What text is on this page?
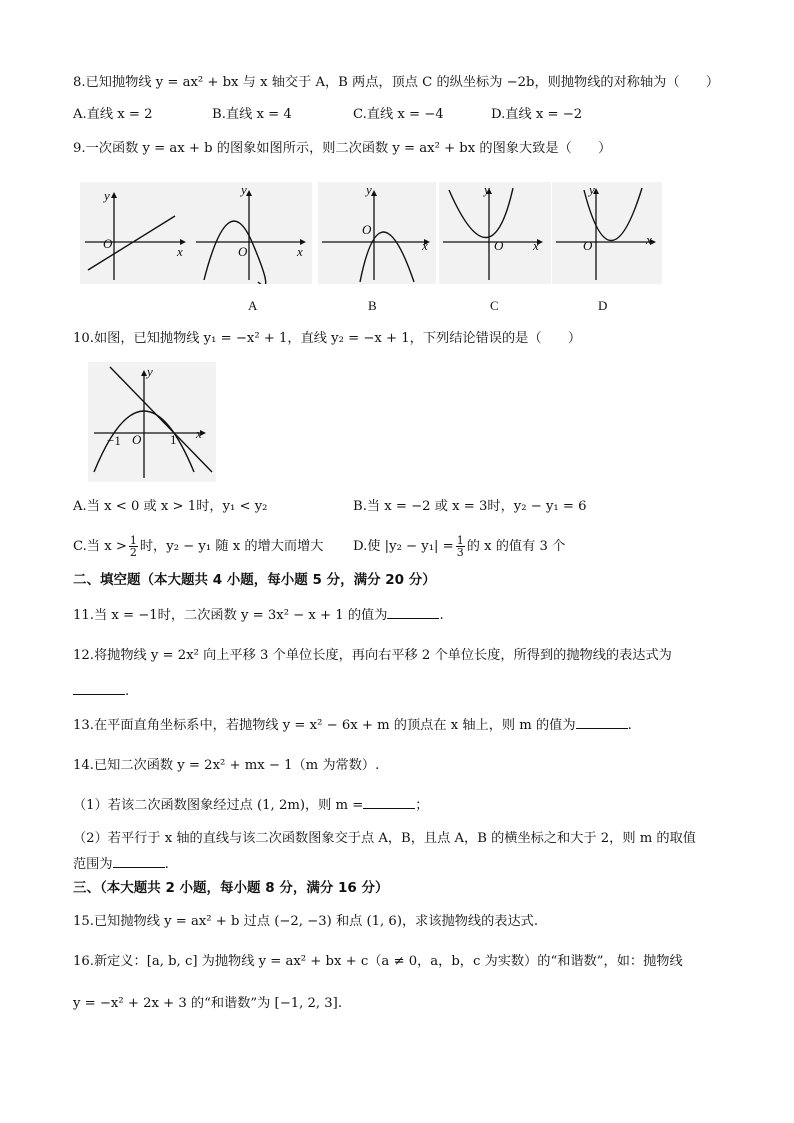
8.已知抛物线 y = ax² + bx 与 x 轴交于 A，B 两点，顶点 C 的纵坐标为 −2b，则抛物线的对称轴为（　　）
A.直线 x = 2	B.直线 x = 4	C.直线 x = −4	D.直线 x = −2
9.一次函数 y = ax + b 的图象如图所示，则二次函数 y = ax² + bx 的图象大致是（　　）
y
x
O
y
x
O
y
x
O
y
x
O
y
x
O
A	B	C	D
10.如图，已知抛物线 y₁ = −x² + 1，直线 y₂ = −x + 1，下列结论错误的是（　　）
y
x
−1 O 1
A.当 x < 0 或 x > 1时，y₁ < y₂	B.当 x = −2 或 x = 3时，y₂ − y₁ = 6
C.当 $x > \frac{1}{2}$ 时，y₂ − y₁ 随 x 的增大而增大 D.使 $|y_2 - y_1| = \frac{1}{3}$ 的 x 的值有 3 个
二、填空题（本大题共 4 小题，每小题 5 分，满分 20 分）
11.当 x = −1时，二次函数 y = 3x² − x + 1 的值为	.
12.将抛物线 y = 2x² 向上平移 3 个单位长度，再向右平移 2 个单位长度，所得到的抛物线的表达式为
.
13.在平面直角坐标系中，若抛物线 y = x² − 6x + m 的顶点在 x 轴上，则 m 的值为	.
14.已知二次函数 y = 2x² + mx − 1（m 为常数）.
（1）若该二次函数图象经过点 (1, 2m)，则 m =	；
（2）若平行于 x 轴的直线与该二次函数图象交于点 A，B，且点 A，B 的横坐标之和大于 2，则 m 的取值
范围为	.
三、（本大题共 2 小题，每小题 8 分，满分 16 分）
15.已知抛物线 y = ax² + b 过点 (−2, −3) 和点 (1, 6)，求该抛物线的表达式.
16.新定义：[a, b, c] 为抛物线 y = ax² + bx + c（a ≠ 0，a，b，c 为实数）的“和谐数”，如：抛物线
y = −x² + 2x + 3 的“和谐数”为 [−1, 2, 3].
